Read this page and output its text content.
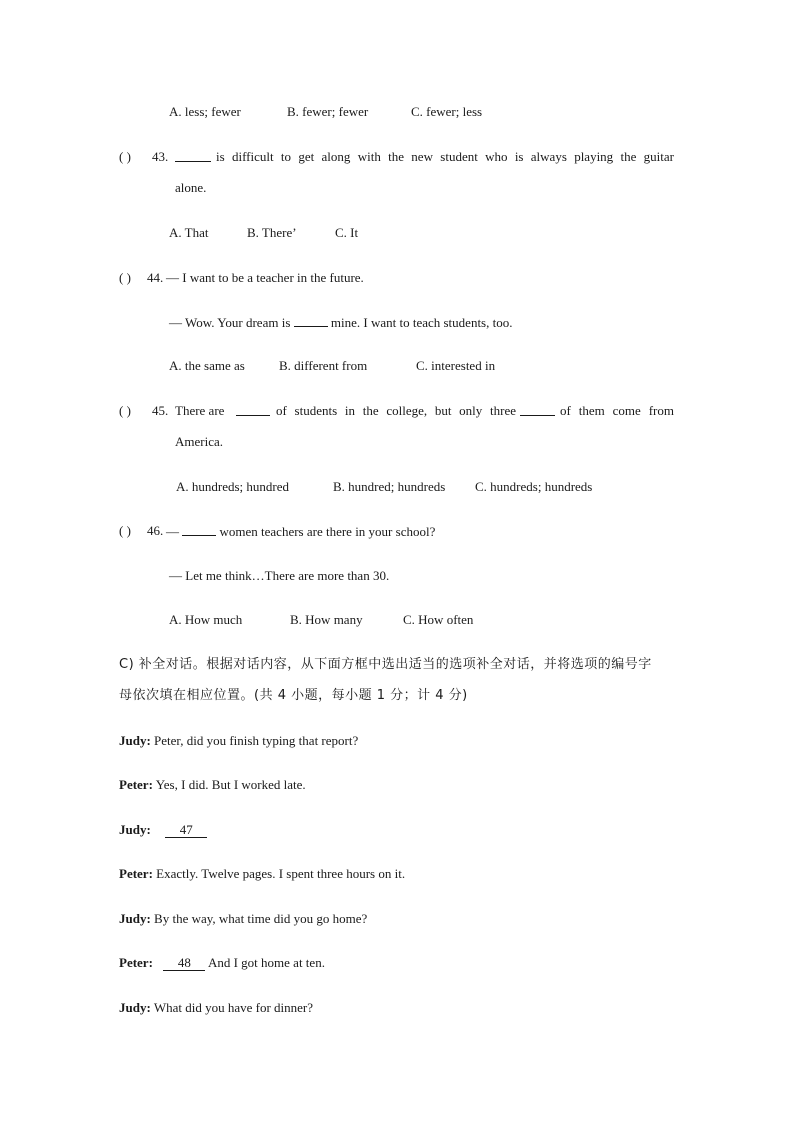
A. less; fewer	B. fewer; fewer	C. fewer; less
( ) 43.	is difficult to get along with the new student who is always playing the guitar
alone.
A. That	B. There’	C. It
( ) 44. — I want to be a teacher in the future.
— Wow. Your dream is	mine. I want to teach students, too.
A. the same as	B. different from	C. interested in
( ) 45. There are	of students in the college, but only three	of them come from
America.
A. hundreds; hundred	B. hundred; hundreds C. hundreds; hundreds
( ) 46. —	women teachers are there in your school?
— Let me think…There are more than 30.
A. How much	B. How many	C. How often
C) 补全对话。根据对话内容，从下面方框中选出适当的选项补全对话，并将选项的编号字
母依次填在相应位置。(共 4 小题，每小题 1 分；计 4 分)
Judy: Peter, did you finish typing that report?
Peter: Yes, I did. But I worked late.
Judy: 47
Peter: Exactly. Twelve pages. I spent three hours on it.
Judy: By the way, what time did you go home?
Peter: 48 And I got home at ten.
Judy: What did you have for dinner?
